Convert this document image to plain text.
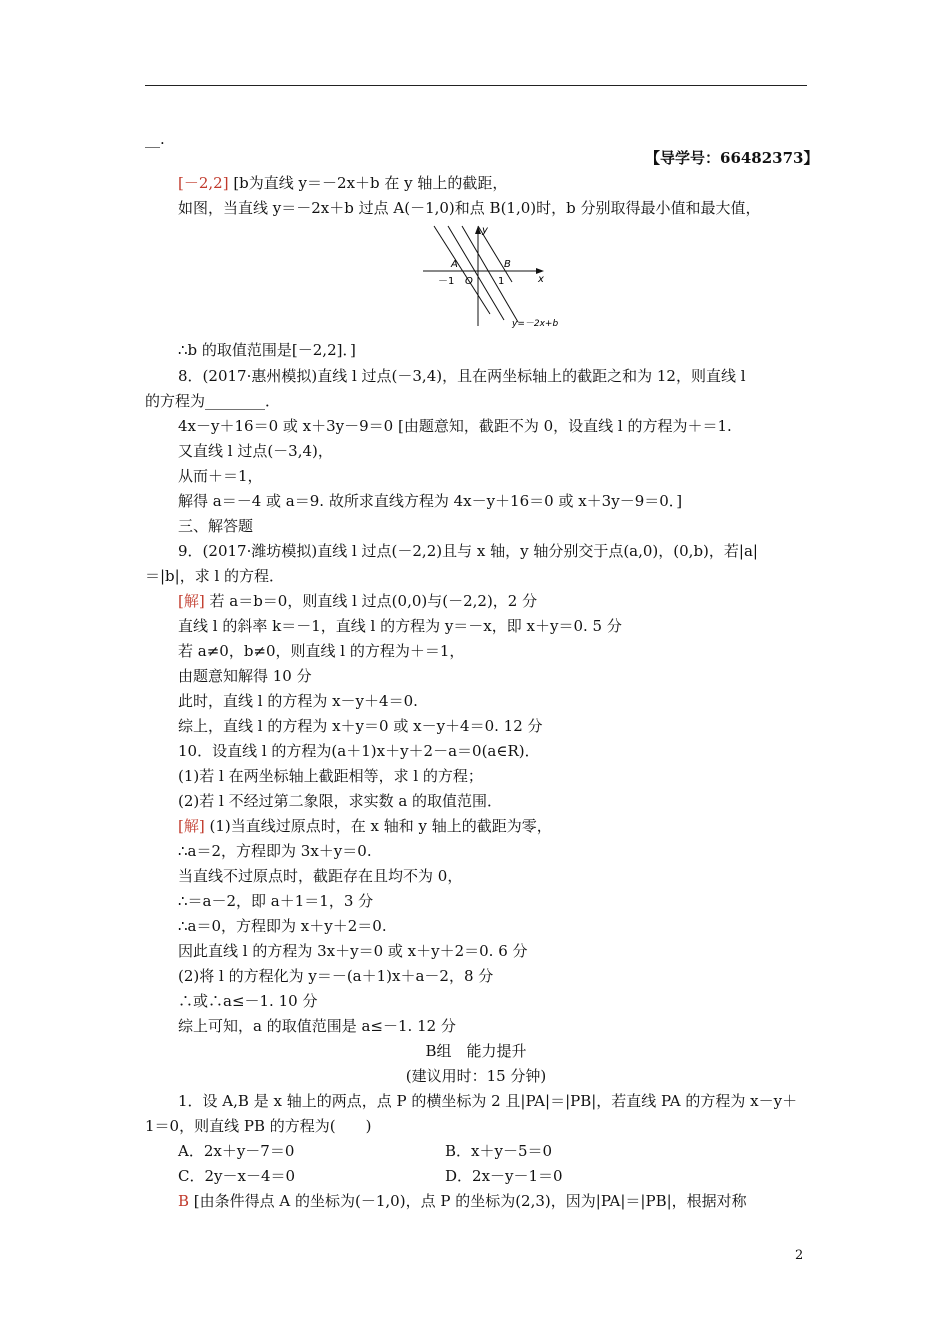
__.
【导学号：66482373】
[－2,2] [b为直线 y＝－2x＋b 在 y 轴上的截距，
如图，当直线 y＝－2x＋b 过点 A(－1,0)和点 B(1,0)时，b 分别取得最小值和最大值，
∴b 的取值范围是[－2,2]．]
8．(2017·惠州模拟)直线 l 过点(－3,4)，且在两坐标轴上的截距之和为 12，则直线 l
的方程为________．
4x－y＋16＝0 或 x＋3y－9＝0 [由题意知，截距不为 0，设直线 l 的方程为＋＝1.
又直线 l 过点(－3,4)，
从而＋＝1，
解得 a＝－4 或 a＝9. 故所求直线方程为 4x－y＋16＝0 或 x＋3y－9＝0．]
三、解答题
9．(2017·潍坊模拟)直线 l 过点(－2,2)且与 x 轴，y 轴分别交于点(a,0)，(0,b)，若|a|
＝|b|，求 l 的方程．
[解] 若 a＝b＝0，则直线 l 过点(0,0)与(－2,2)，2 分
直线 l 的斜率 k＝－1，直线 l 的方程为 y＝－x，即 x＋y＝0. 5 分
若 a≠0，b≠0，则直线 l 的方程为＋＝1，
由题意知解得 10 分
此时，直线 l 的方程为 x－y＋4＝0.
综上，直线 l 的方程为 x＋y＝0 或 x－y＋4＝0. 12 分
10．设直线 l 的方程为(a＋1)x＋y＋2－a＝0(a∈R)．
(1)若 l 在两坐标轴上截距相等，求 l 的方程；
(2)若 l 不经过第二象限，求实数 a 的取值范围．
[解] (1)当直线过原点时，在 x 轴和 y 轴上的截距为零，
∴a＝2，方程即为 3x＋y＝0.
当直线不过原点时，截距存在且均不为 0，
∴＝a－2，即 a＋1＝1，3 分
∴a＝0，方程即为 x＋y＋2＝0.
因此直线 l 的方程为 3x＋y＝0 或 x＋y＋2＝0. 6 分
(2)将 l 的方程化为 y＝－(a＋1)x＋a－2，8 分
∴或∴a≤－1. 10 分
综上可知，a 的取值范围是 a≤－1. 12 分
1．设 A,B 是 x 轴上的两点，点 P 的横坐标为 2 且|PA|＝|PB|，若直线 PA 的方程为 x－y＋
1＝0，则直线 PB 的方程为(　　)
A．2x＋y－7＝0	B．x＋y－5＝0
C．2y－x－4＝0	D．2x－y－1＝0
B [由条件得点 A 的坐标为(－1,0)，点 P 的坐标为(2,3)，因为|PA|＝|PB|，根据对称
B组　能力提升
(建议用时：15 分钟)
y
x
A	B
O
－1	1
y=－2x+b
2
